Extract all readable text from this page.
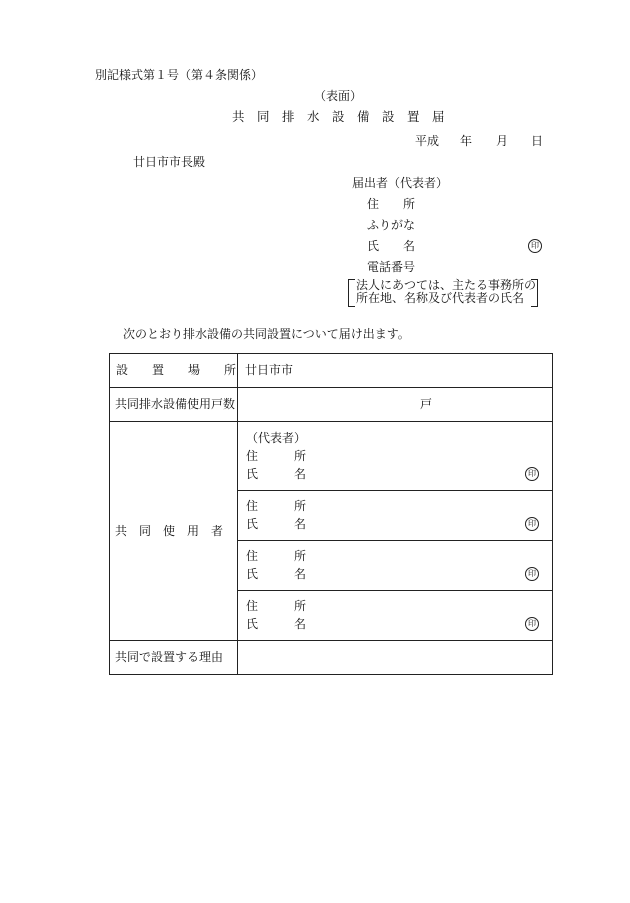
別記様式第１号（第４条関係）
（表面）
共　同　排　水　設　備　設　置　届
平成 年 月 日
廿日市市長殿
届出者（代表者）
住　　所
ふりがな
氏　　名	印
電話番号
法人にあつては、主たる事務所の
所在地、名称及び代表者の氏名
次のとおり排水設備の共同設置について届け出ます。
設　　置　　場　　所 廿日市市
共同排水設備使用戸数	戸
共　同　使　用　者
（代表者）
住　　　所
氏　　　名	印
住　　　所
氏　　　名	印
住　　　所
氏　　　名	印
住　　　所
氏　　　名	印
共同で設置する理由
